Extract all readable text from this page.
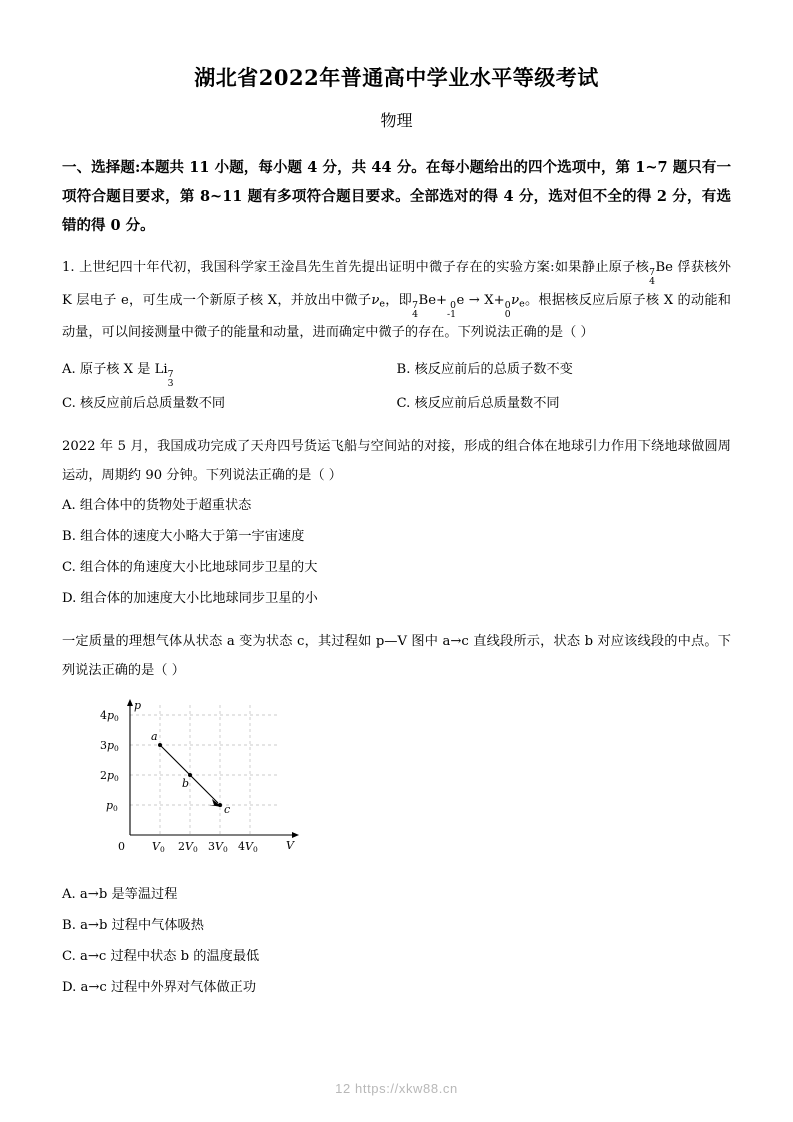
湖北省2022年普通高中学业水平等级考试
物理
一、选择题:本题共 11 小题，每小题 4 分，共 44 分。在每小题给出的四个选项中，第 1~7 题只有一项符合题目要求，第 8~11 题有多项符合题目要求。全部选对的得 4 分，选对但不全的得 2 分，有选错的得 0 分。
1. 上世纪四十年代初，我国科学家王淦昌先生首先提出证明中微子存在的实验方案:如果静止原子核 7
4
Be 俘获核外 K 层电子 e，可生成一个新原子核 X，并放出中微子$\nu_e$，即 7
4
Be+ 0
-1
e → X+ 0
0
$\nu_e$。根据核反应后原子核 X 的动能和动量，可以间接测量中微子的能量和动量，进而确定中微子的存在。下列说法正确的是（ ）
A. 原子核 X 是 Li 7
3
B. 核反应前后的总质子数不变
C. 核反应前后总质量数不同	C. 核反应前后总质量数不同
2022 年 5 月，我国成功完成了天舟四号货运飞船与空间站的对接，形成的组合体在地球引力作用下绕地球做圆周运动，周期约 90 分钟。下列说法正确的是（ ）
A. 组合体中的货物处于超重状态
B. 组合体的速度大小略大于第一宇宙速度
C. 组合体的角速度大小比地球同步卫星的大
D. 组合体的加速度大小比地球同步卫星的小
一定质量的理想气体从状态 a 变为状态 c，其过程如 p—V 图中 a→c 直线段所示，状态 b 对应该线段的中点。下列说法正确的是（ ）
p
V
0
4p0
3p0
2p0
p0
V0 2V0 3V0 4V0
a
b
c
A. a→b 是等温过程
B. a→b 过程中气体吸热
C. a→c 过程中状态 b 的温度最低
D. a→c 过程中外界对气体做正功
12 https://xkw88.cn
